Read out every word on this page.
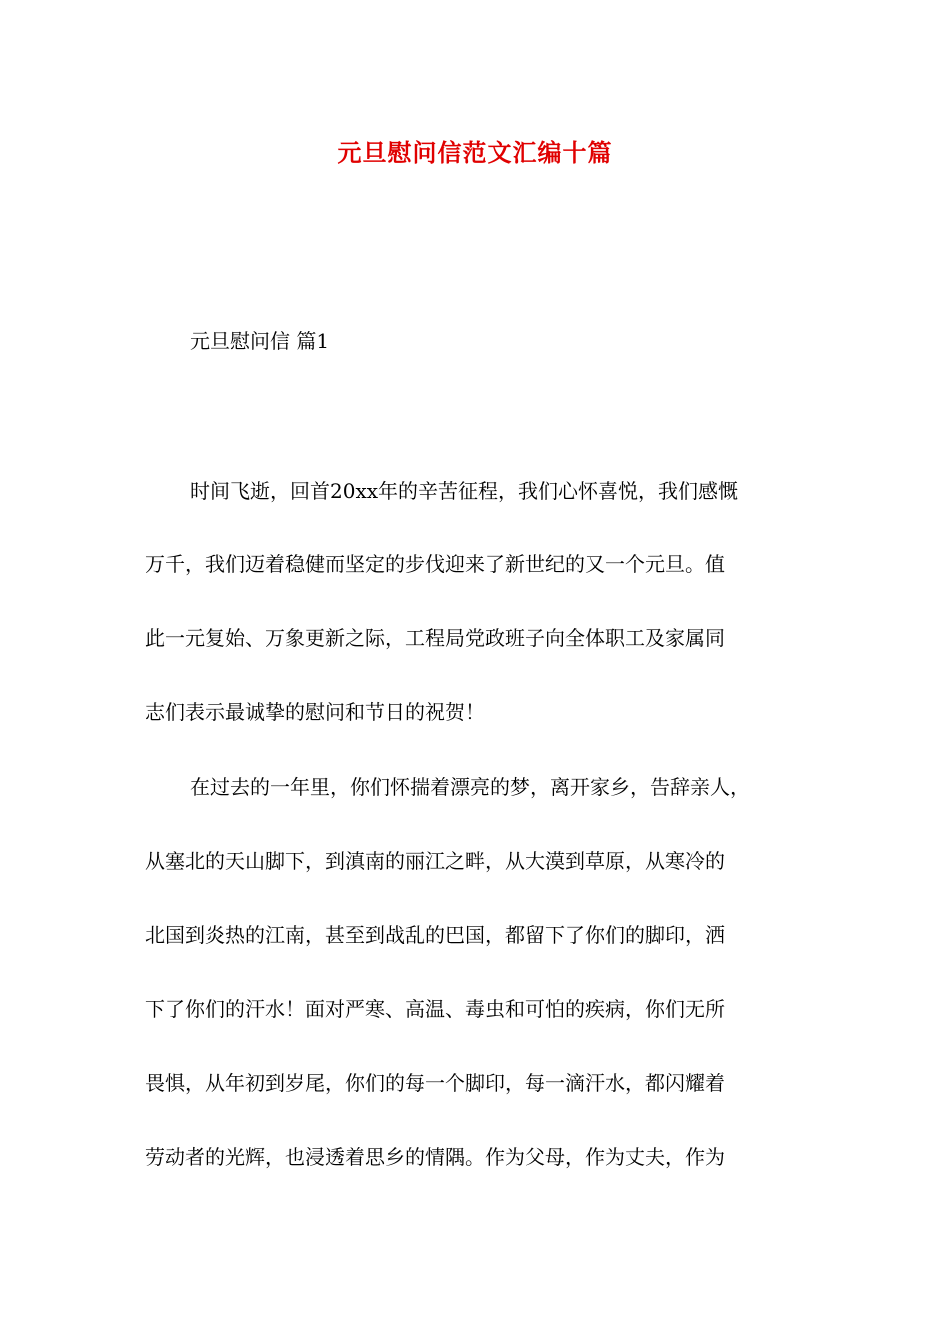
元旦慰问信范文汇编十篇

元旦慰问信 篇1

时间飞逝，回首20xx年的辛苦征程，我们心怀喜悦，我们感慨

万千，我们迈着稳健而坚定的步伐迎来了新世纪的又一个元旦。值

此一元复始、万象更新之际，工程局党政班子向全体职工及家属同

志们表示最诚挚的慰问和节日的祝贺！

在过去的一年里，你们怀揣着漂亮的梦，离开家乡，告辞亲人，

从塞北的天山脚下，到滇南的丽江之畔，从大漠到草原，从寒冷的

北国到炎热的江南，甚至到战乱的巴国，都留下了你们的脚印，洒

下了你们的汗水！面对严寒、高温、毒虫和可怕的疾病，你们无所

畏惧，从年初到岁尾，你们的每一个脚印，每一滴汗水，都闪耀着

劳动者的光辉，也浸透着思乡的情隅。作为父母，作为丈夫，作为
